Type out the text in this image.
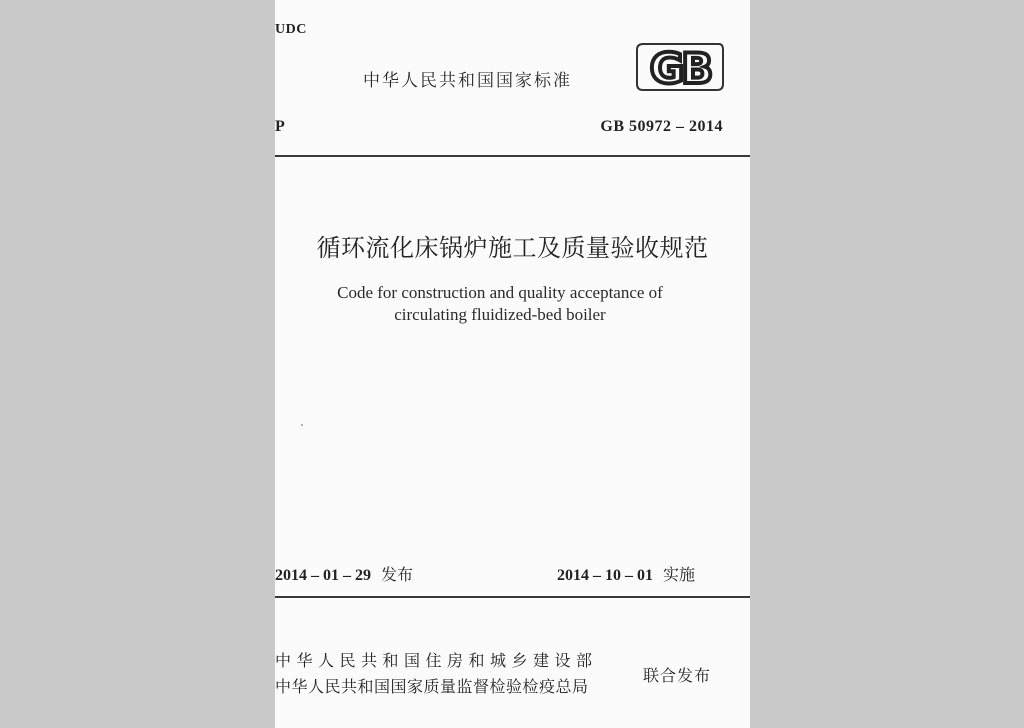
UDC
中华人民共和国国家标准 GB
P	GB 50972 – 2014
循环流化床锅炉施工及质量验收规范
Code for construction and quality acceptance of
circulating fluidized-bed boiler
2014 – 01 – 29 发布	2014 – 10 – 01 实施
中华人民共和国住房和城乡建设部
中华人民共和国国家质量监督检验检疫总局
联合发布
